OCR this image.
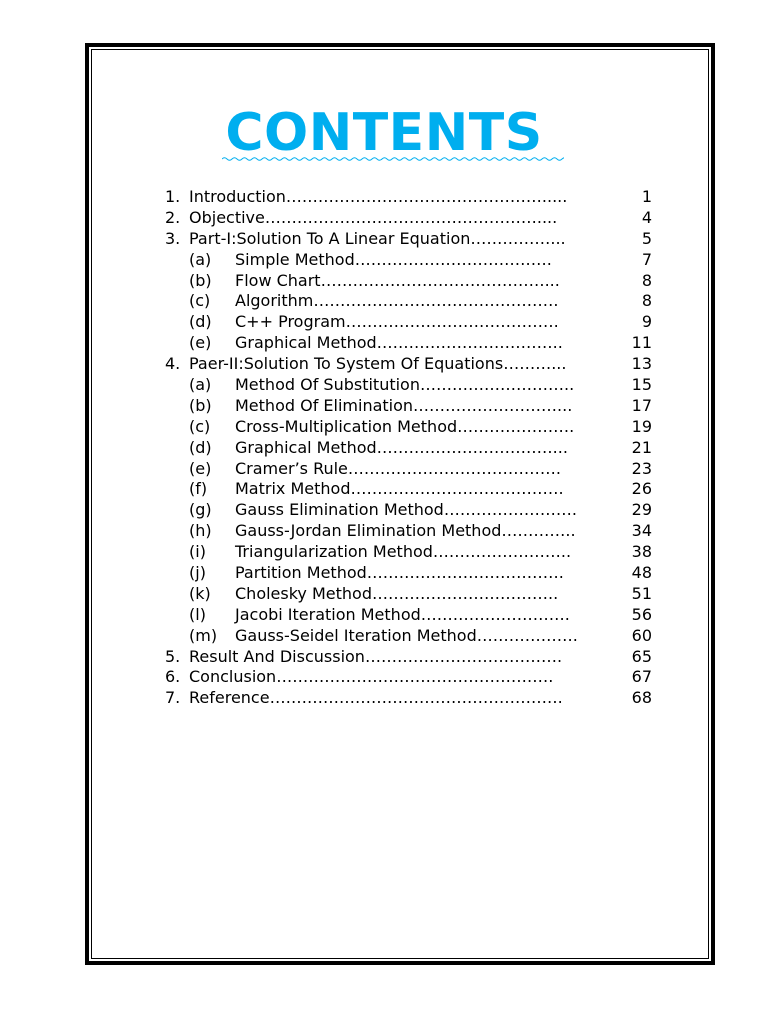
CONTENTS
1. Introduction………………………………………….....	1
2. Objective……………………………………………....	4
3. Part-I:Solution To A Linear Equation……………...	5
(a) Simple Method……………………………….	7
(b) Flow Chart……………………………………...	8
(c) Algorithm……………………………………….	8
(d) C++ Program………………………………….	9
(e) Graphical Method……………………………..	11
4. Paer-II:Solution To System Of Equations………...	13
(a) Method Of Substitution………………………..	15
(b) Method Of Elimination………………………...	17
(c) Cross-Multiplication Method………………….	19
(d) Graphical Method……………………………...	21
(e) Cramer’s Rule………………………………….	23
(f) Matrix Method………………………………….	26
(g) Gauss Elimination Method…………………….	29
(h) Gauss-Jordan Elimination Method…………..	34
(i) Triangularization Method……………………..	38
(j) Partition Method……………………………….	48
(k) Cholesky Method……………………………..	51
(l) Jacobi Iteration Method……………………….	56
(m) Gauss-Seidel Iteration Method……………….	60
5. Result And Discussion……………………………….	65
6. Conclusion…………………………………………….	67
7. Reference……………………………………………….	68
